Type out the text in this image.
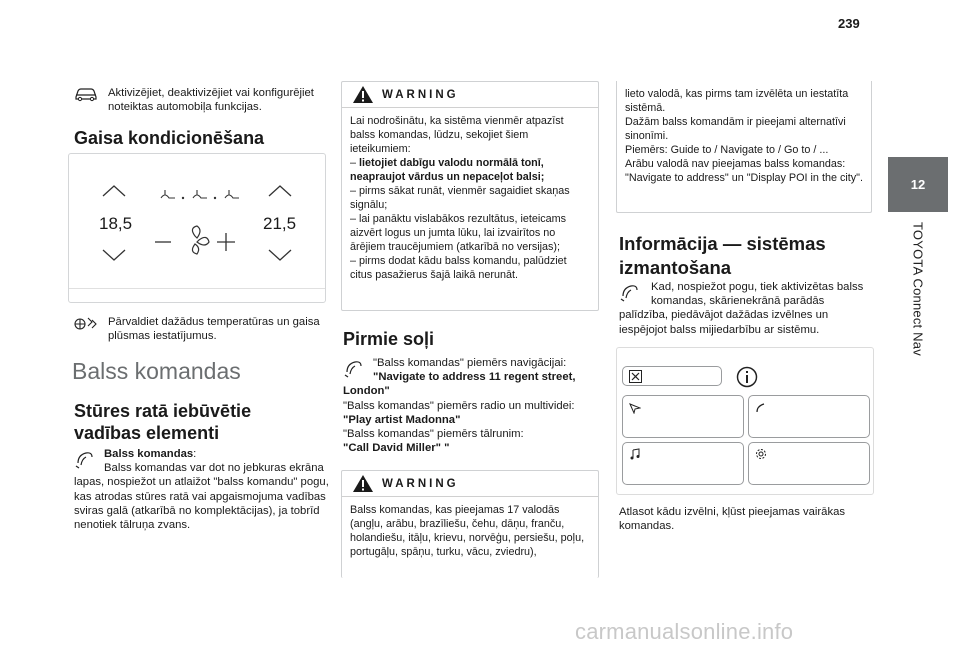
239
12
TOYOTA Connect Nav
Aktivizējiet, deaktivizējiet vai konfigurējiet noteiktas automobiļa funkcijas.
Gaisa kondicionēšana
18,5	21,5
Pārvaldiet dažādus temperatūras un gaisa plūsmas iestatījumus.
Balss komandas
Stūres ratā iebūvētie
vadības elementi
Balss komandas:
Balss komandas var dot no jebkuras ekrāna lapas, nospiežot un atlaižot "balss komandu" pogu, kas atrodas stūres ratā vai apgaismojuma vadības sviras galā (atkarībā no komplektācijas), ja tobrīd nenotiek tālruņa zvans.
WARNING
Lai nodrošinātu, ka sistēma vienmēr atpazīst balss komandas, lūdzu, sekojiet šiem ieteikumiem:
– lietojiet dabīgu valodu normālā tonī, neapraujot vārdus un nepaceļot balsi;
– pirms sākat runāt, vienmēr sagaidiet skaņas signālu;
– lai panāktu vislabākos rezultātus, ieteicams aizvērt logus un jumta lūku, lai izvairītos no ārējiem traucējumiem (atkarībā no versijas);
– pirms dodat kādu balss komandu, palūdziet citus pasažierus šajā laikā nerunāt.
Pirmie soļi
"Balss komandas" piemērs navigācijai:
"Navigate to address 11 regent street, London"
"Balss komandas" piemērs radio un multividei:
"Play artist Madonna"
"Balss komandas" piemērs tālrunim:
"Call David Miller" "
WARNING
Balss komandas, kas pieejamas 17 valodās (angļu, arābu, brazīliešu, čehu, dāņu, franču, holandiešu, itāļu, krievu, norvēģu, persiešu, poļu, portugāļu, spāņu, turku, vācu, zviedru),
lieto valodā, kas pirms tam izvēlēta un iestatīta sistēmā.
Dažām balss komandām ir pieejami alternatīvi sinonīmi.
Piemērs: Guide to / Navigate to / Go to / ...
Arābu valodā nav pieejamas balss komandas: "Navigate to address" un "Display POI in the city".
Informācija — sistēmas
izmantošana
Kad, nospiežot pogu, tiek aktivizētas balss komandas, skārienekrānā parādās palīdzība, piedāvājot dažādas izvēlnes un iespējojot balss mijiedarbību ar sistēmu.
Atlasot kādu izvēlni, kļūst pieejamas vairākas komandas.
carmanualsonline.info
